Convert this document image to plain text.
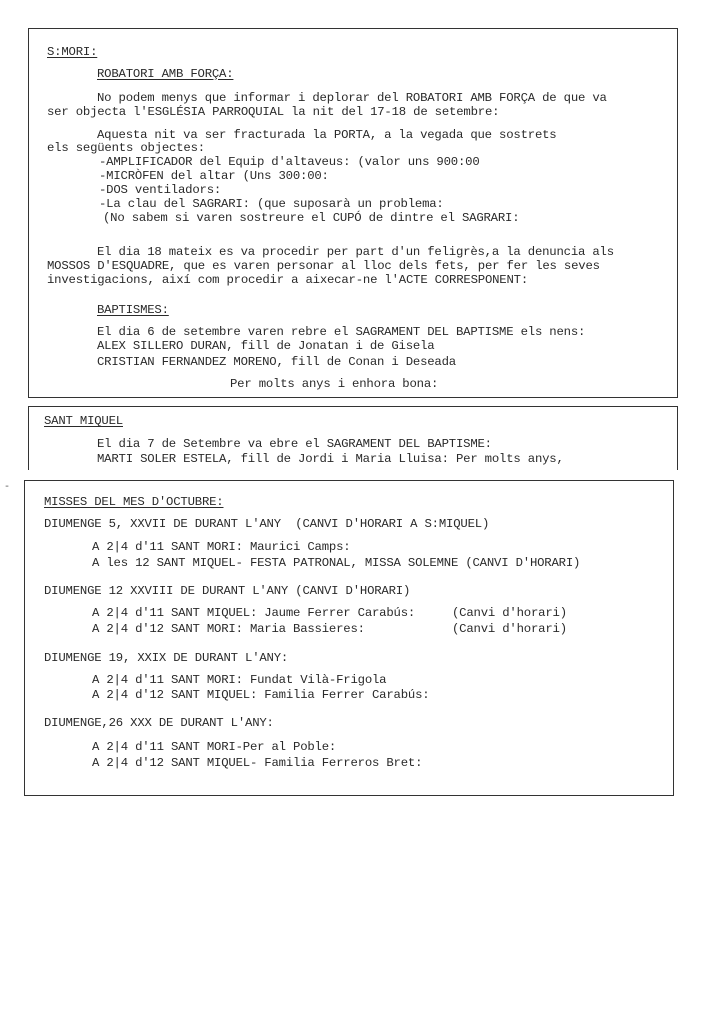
S:MORI:
ROBATORI AMB FORÇA:
No podem menys que informar i deplorar del ROBATORI AMB FORÇA de que va
ser objecta l'ESGLÉSIA PARROQUIAL la nit del 17-18 de setembre:
Aquesta nit va ser fracturada la PORTA, a la vegada que sostrets
els següents objectes:
-AMPLIFICADOR del Equip d'altaveus: (valor uns 900:00
-MICRÒFEN del altar (Uns 300:00:
-DOS ventiladors:
-La clau del SAGRARI: (que suposarà un problema:
(No sabem si varen sostreure el CUPÓ de dintre el SAGRARI:
El dia 18 mateix es va procedir per part d'un feligrès,a la denuncia als
MOSSOS D'ESQUADRE, que es varen personar al lloc dels fets, per fer les seves
investigacions, així com procedir a aixecar-ne l'ACTE CORRESPONENT:
BAPTISMES:
El dia 6 de setembre varen rebre el SAGRAMENT DEL BAPTISME els nens:
ALEX SILLERO DURAN, fill de Jonatan i de Gisela
CRISTIAN FERNANDEZ MORENO, fill de Conan i Deseada
Per molts anys i enhora bona:
SANT MIQUEL
El dia 7 de Setembre va ebre el SAGRAMENT DEL BAPTISME:
MARTI SOLER ESTELA, fill de Jordi i Maria Lluisa: Per molts anys,
-
MISSES DEL MES D'OCTUBRE:
DIUMENGE 5, XXVII DE DURANT L'ANY  (CANVI D'HORARI A S:MIQUEL)
A 2|4 d'11 SANT MORI: Maurici Camps:
A les 12 SANT MIQUEL- FESTA PATRONAL, MISSA SOLEMNE (CANVI D'HORARI)
DIUMENGE 12 XXVIII DE DURANT L'ANY (CANVI D'HORARI)
A 2|4 d'11 SANT MIQUEL: Jaume Ferrer Carabús:	(Canvi d'horari)
A 2|4 d'12 SANT MORI: Maria Bassieres:	(Canvi d'horari)
DIUMENGE 19, XXIX DE DURANT L'ANY:
A 2|4 d'11 SANT MORI: Fundat Vilà-Frigola
A 2|4 d'12 SANT MIQUEL: Familia Ferrer Carabús:
DIUMENGE,26 XXX DE DURANT L'ANY:
A 2|4 d'11 SANT MORI-Per al Poble:
A 2|4 d'12 SANT MIQUEL- Familia Ferreros Bret:
